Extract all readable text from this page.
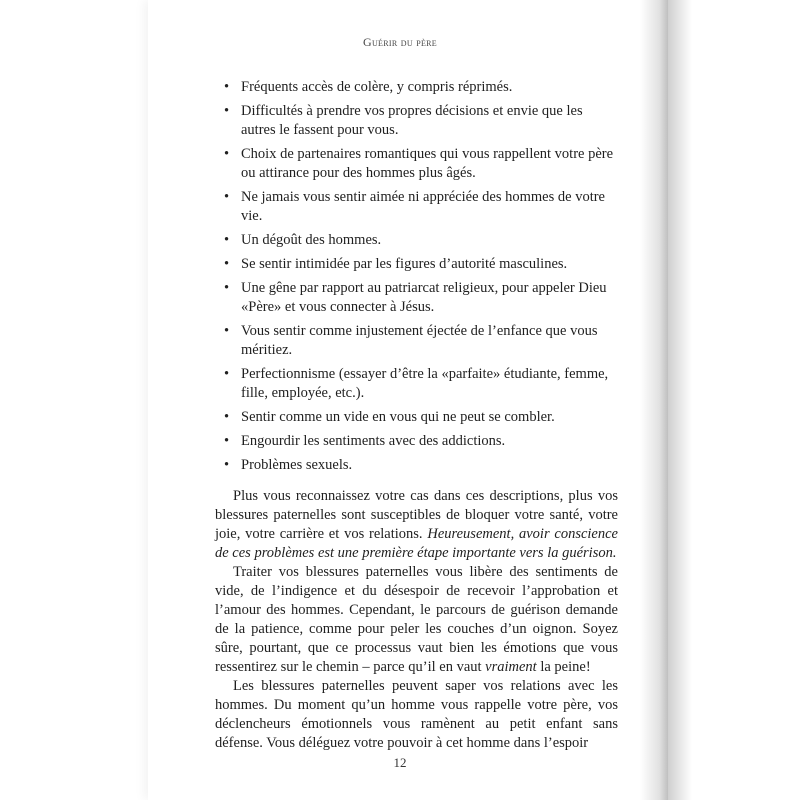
Guérir du père
• Fréquents accès de colère, y compris réprimés.
• Difficultés à prendre vos propres décisions et envie que les autres le fassent pour vous.
• Choix de partenaires romantiques qui vous rappellent votre père ou attirance pour des hommes plus âgés.
• Ne jamais vous sentir aimée ni appréciée des hommes de votre vie.
• Un dégoût des hommes.
• Se sentir intimidée par les figures d’autorité masculines.
• Une gêne par rapport au patriarcat religieux, pour appeler Dieu «Père» et vous connecter à Jésus.
• Vous sentir comme injustement éjectée de l’enfance que vous méritiez.
• Perfectionnisme (essayer d’être la «parfaite» étudiante, femme, fille, employée, etc.).
• Sentir comme un vide en vous qui ne peut se combler.
• Engourdir les sentiments avec des addictions.
• Problèmes sexuels.

Plus vous reconnaissez votre cas dans ces descriptions, plus vos blessures paternelles sont susceptibles de bloquer votre santé, votre joie, votre carrière et vos relations. Heureusement, avoir conscience de ces problèmes est une première étape importante vers la guérison.

Traiter vos blessures paternelles vous libère des sentiments de vide, de l’indigence et du désespoir de recevoir l’approbation et l’amour des hommes. Cependant, le parcours de guérison demande de la patience, comme pour peler les couches d’un oignon. Soyez sûre, pourtant, que ce processus vaut bien les émotions que vous ressentirez sur le chemin – parce qu’il en vaut vraiment la peine!

Les blessures paternelles peuvent saper vos relations avec les hommes. Du moment qu’un homme vous rappelle votre père, vos déclencheurs émotionnels vous ramènent au petit enfant sans défense. Vous déléguez votre pouvoir à cet homme dans l’espoir

12
